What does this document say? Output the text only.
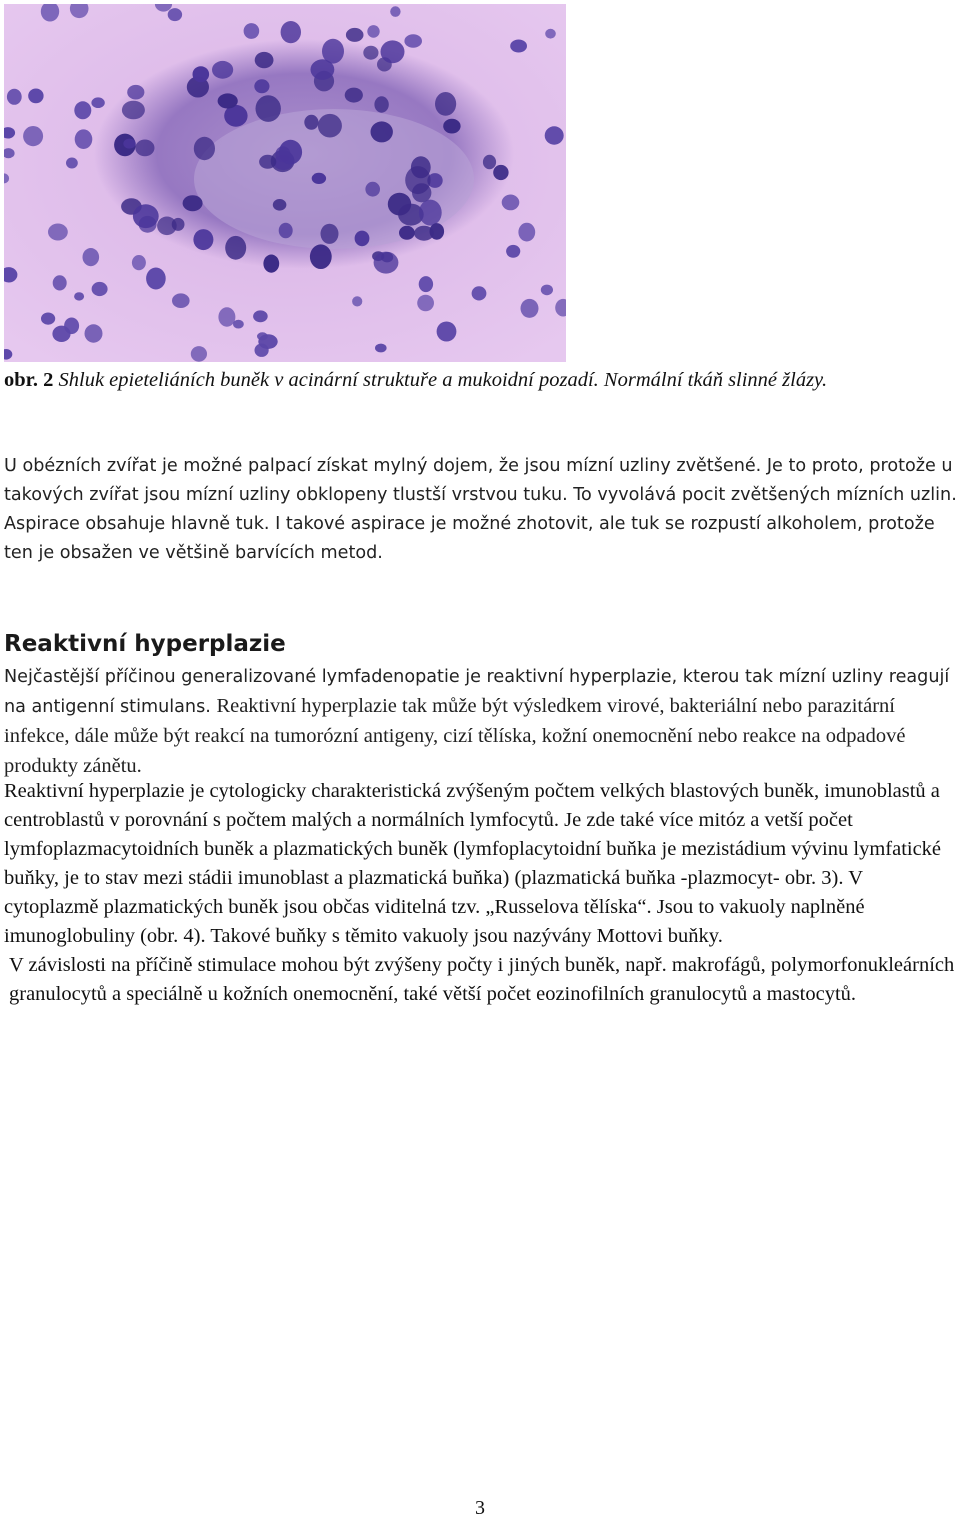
obr. 2 Shluk epieteliáních buněk v acinární struktuře a mukoidní pozadí. Normální tkáň slinné žlázy.

U obézních zvířat je možné palpací získat mylný dojem, že jsou mízní uzliny zvětšené. Je to proto, protože u takových zvířat jsou mízní uzliny obklopeny tlustší vrstvou tuku. To vyvolává pocit zvětšených mízních uzlin.

Aspirace obsahuje hlavně tuk. I takové aspirace je možné zhotovit, ale tuk se rozpustí alkoholem, protože ten je obsažen ve většině barvících metod.

Reaktivní hyperplazie

Nejčastější příčinou generalizované lymfadenopatie je reaktivní hyperplazie, kterou tak mízní uzliny reagují na antigenní stimulans. Reaktivní hyperplazie tak může být výsledkem virové, bakteriální nebo parazitární infekce, dále může být reakcí na tumorózní antigeny, cizí tělíska, kožní onemocnění nebo reakce na odpadové produkty zánětu.

Reaktivní hyperplazie je cytologicky charakteristická zvýšeným počtem velkých blastových buněk, imunoblastů a centroblastů v porovnání s počtem malých a normálních lymfocytů. Je zde také více mitóz a vetší počet lymfoplazmacytoidních buněk a plazmatických buněk (lymfoplacytoidní buňka je mezistádium vývinu lymfatické buňky, je to stav mezi stádii imunoblast a plazmatická buňka) (plazmatická buňka -plazmocyt- obr. 3). V cytoplazmě plazmatických buněk jsou občas viditelná tzv. „Russelova tělíska“. Jsou to vakuoly naplněné imunoglobuliny (obr. 4). Takové buňky s těmito vakuoly jsou nazývány Mottovi buňky.
V závislosti na příčině stimulace mohou být zvýšeny počty i jiných buněk, např. makrofágů, polymorfonukleárních granulocytů a speciálně u kožních onemocnění, také větší počet eozinofilních granulocytů a mastocytů.
3
